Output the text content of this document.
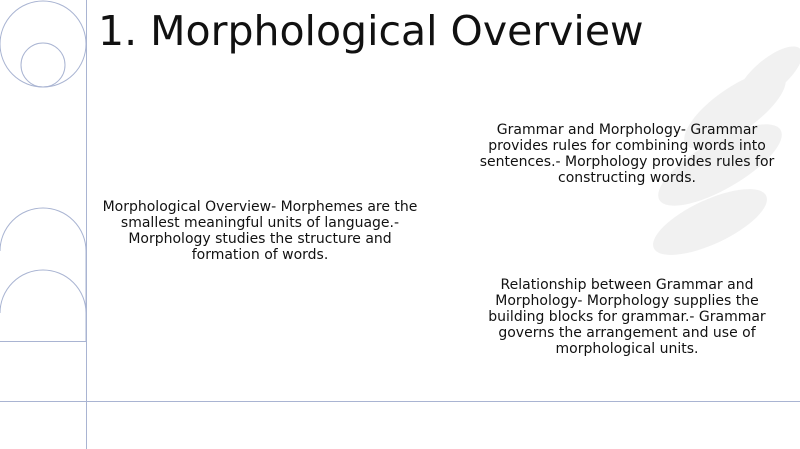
1. Morphological Overview
Morphological Overview- Morphemes are the smallest meaningful units of language.- Morphology studies the structure and formation of words.
Grammar and Morphology- Grammar provides rules for combining words into sentences.- Morphology provides rules for constructing words.
Relationship between Grammar and Morphology- Morphology supplies the building blocks for grammar.- Grammar governs the arrangement and use of morphological units.
